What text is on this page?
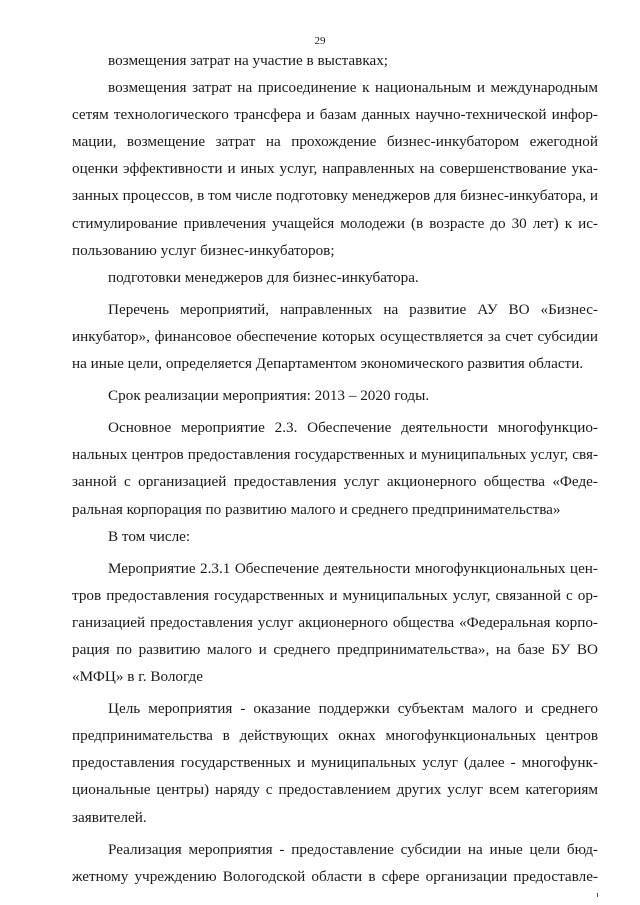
29
возмещения затрат на участие в выставках;
возмещения затрат на присоединение к национальным и международным
сетям технологического трансфера и базам данных научно-технической инфор-
мации, возмещение затрат на прохождение бизнес-инкубатором ежегодной
оценки эффективности и иных услуг, направленных на совершенствование ука-
занных процессов, в том числе подготовку менеджеров для бизнес-инкубатора, и
стимулирование привлечения учащейся молодежи (в возрасте до 30 лет) к ис-
пользованию услуг бизнес-инкубаторов;
подготовки менеджеров для бизнес-инкубатора.
Перечень мероприятий, направленных на развитие АУ ВО «Бизнес-
инкубатор», финансовое обеспечение которых осуществляется за счет субсидии
на иные цели, определяется Департаментом экономического развития области.
Срок реализации мероприятия: 2013 – 2020 годы.
Основное мероприятие 2.3. Обеспечение деятельности многофункцио-
нальных центров предоставления государственных и муниципальных услуг, свя-
занной с организацией предоставления услуг акционерного общества «Феде-
ральная корпорация по развитию малого и среднего предпринимательства»
В том числе:
Мероприятие 2.3.1 Обеспечение деятельности многофункциональных цен-
тров предоставления государственных и муниципальных услуг, связанной с ор-
ганизацией предоставления услуг акционерного общества «Федеральная корпо-
рация по развитию малого и среднего предпринимательства», на базе БУ ВО
«МФЦ» в г. Вологде
Цель мероприятия - оказание поддержки субъектам малого и среднего
предпринимательства в действующих окнах многофункциональных центров
предоставления государственных и муниципальных услуг (далее - многофунк-
циональные центры) наряду с предоставлением других услуг всем категориям
заявителей.
Реализация мероприятия - предоставление субсидии на иные цели бюд-
жетному учреждению Вологодской области в сфере организации предоставле-
